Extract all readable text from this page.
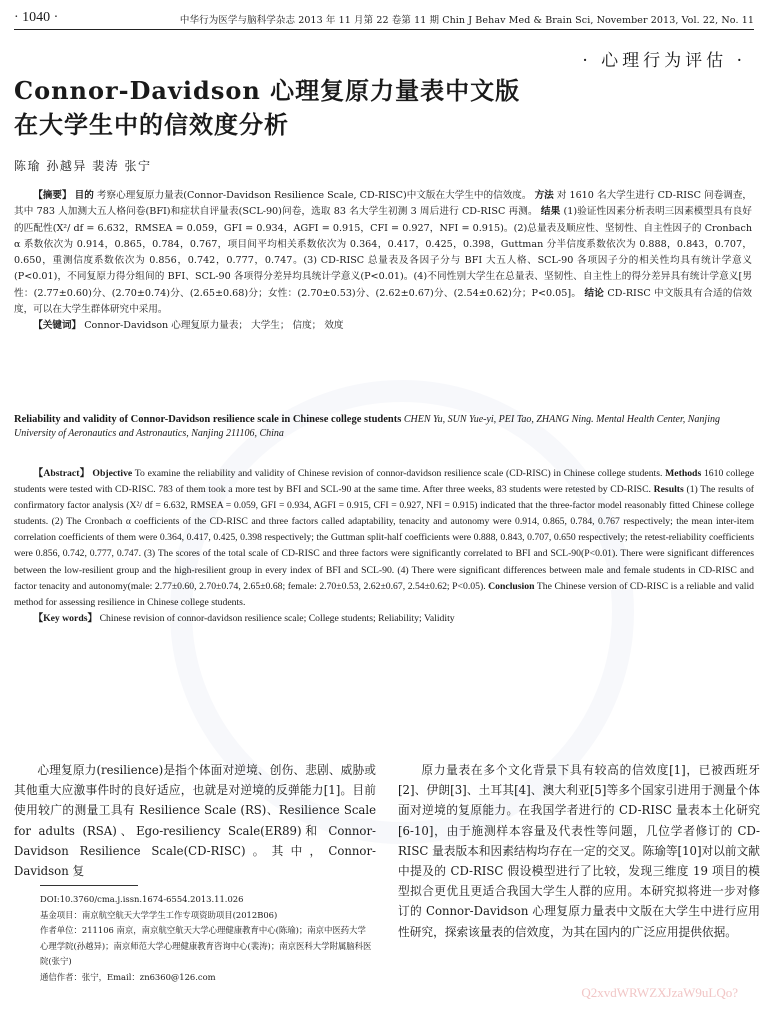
· 1040 ·	中华行为医学与脑科学杂志 2013 年 11 月第 22 卷第 11 期 Chin J Behav Med & Brain Sci, November 2013, Vol. 22, No. 11
· 心理行为评估 ·
Connor-Davidson 心理复原力量表中文版
在大学生中的信效度分析
陈瑜 孙越异 裴涛 张宁

【摘要】 目的 考察心理复原力量表(Connor-Davidson Resilience Scale, CD-RISC)中文版在大学生中的信效度。 方法 对 1610 名大学生进行 CD-RISC 问卷调查，其中 783 人加测大五人格问卷(BFI)和症状自评量表(SCL-90)问卷，选取 83 名大学生初测 3 周后进行 CD-RISC 再测。 结果 (1)验证性因素分析表明三因素模型具有良好的匹配性(X²/ df = 6.632，RMSEA = 0.059，GFI = 0.934，AGFI = 0.915，CFI = 0.927，NFI = 0.915)。(2)总量表及顺应性、坚韧性、自主性因子的 Cronbach α 系数依次为 0.914，0.865，0.784，0.767，项目间平均相关系数依次为 0.364，0.417，0.425，0.398，Guttman 分半信度系数依次为 0.888，0.843，0.707，0.650，重测信度系数依次为 0.856，0.742，0.777，0.747。(3) CD-RISC 总量表及各因子分与 BFI 大五人格、SCL-90 各项因子分的相关性均具有统计学意义(P<0.01)，不同复原力得分组间的 BFI、SCL-90 各项得分差异均具统计学意义(P<0.01)。(4)不同性别大学生在总量表、坚韧性、自主性上的得分差异具有统计学意义[男性：(2.77±0.60)分、(2.70±0.74)分、(2.65±0.68)分；女性：(2.70±0.53)分、(2.62±0.67)分、(2.54±0.62)分；P<0.05]。 结论 CD-RISC 中文版具有合适的信效度，可以在大学生群体研究中采用。

【关键词】 Connor-Davidson 心理复原力量表； 大学生； 信度； 效度

Reliability and validity of Connor-Davidson resilience scale in Chinese college students CHEN Yu, SUN Yue-yi, PEI Tao, ZHANG Ning. Mental Health Center, Nanjing University of Aeronautics and Astronautics, Nanjing 211106, China

【Abstract】 Objective To examine the reliability and validity of Chinese revision of connor-davidson resilience scale (CD-RISC) in Chinese college students. Methods 1610 college students were tested with CD-RISC. 783 of them took a more test by BFI and SCL-90 at the same time. After three weeks, 83 students were retested by CD-RISC. Results (1) The results of confirmatory factor analysis (X²/ df = 6.632, RMSEA = 0.059, GFI = 0.934, AGFI = 0.915, CFI = 0.927, NFI = 0.915) indicated that the three-factor model reasonably fitted Chinese college students. (2) The Cronbach α coefficients of the CD-RISC and three factors called adaptability, tenacity and autonomy were 0.914, 0.865, 0.784, 0.767 respectively; the mean inter-item correlation coefficients of them were 0.364, 0.417, 0.425, 0.398 respectively; the Guttman split-half coefficients were 0.888, 0.843, 0.707, 0.650 respectively; the retest-reliability coefficients were 0.856, 0.742, 0.777, 0.747. (3) The scores of the total scale of CD-RISC and three factors were significantly correlated to BFI and SCL-90(P<0.01). There were significant differences between the low-resilient group and the high-resilient group in every index of BFI and SCL-90. (4) There were significant differences between male and female students in CD-RISC and factor tenacity and autonomy(male: 2.77±0.60, 2.70±0.74, 2.65±0.68; female: 2.70±0.53, 2.62±0.67, 2.54±0.62; P<0.05). Conclusion The Chinese version of CD-RISC is a reliable and valid method for assessing resilience in Chinese college students.

【Key words】 Chinese revision of connor-davidson resilience scale; College students; Reliability; Validity

心理复原力(resilience)是指个体面对逆境、创伤、悲剧、威胁或其他重大应激事件时的良好适应，也就是对逆境的反弹能力[1]。目前使用较广的测量工具有 Resilience Scale (RS)、Resilience Scale for adults (RSA)、Ego-resiliency Scale(ER89)和 Connor-Davidson Resilience Scale(CD-RISC)。其中，Connor-Davidson 复

原力量表在多个文化背景下具有较高的信效度[1]，已被西班牙[2]、伊朗[3]、土耳其[4]、澳大利亚[5]等多个国家引进用于测量个体面对逆境的复原能力。在我国学者进行的 CD-RISC 量表本土化研究[6-10]，由于施测样本容量及代表性等问题，几位学者修订的 CD-RISC 量表版本和因素结构均存在一定的交叉。陈瑜等[10]对以前文献中提及的 CD-RISC 假设模型进行了比较，发现三维度 19 项目的模型拟合更优且更适合我国大学生人群的应用。本研究拟将进一步对修订的 Connor-Davidson 心理复原力量表中文版在大学生中进行应用性研究，探索该量表的信效度，为其在国内的广泛应用提供依据。

DOI:10.3760/cma.j.issn.1674-6554.2013.11.026
基金项目：南京航空航天大学学生工作专项资助项目(2012B06)
作者单位：211106 南京，南京航空航天大学心理健康教育中心(陈瑜)；南京中医药大学心理学院(孙越异)；南京师范大学心理健康教育咨询中心(裴涛)；南京医科大学附属脑科医院(张宁)
通信作者：张宁，Email：zn6360@126.com
Q2xvdWRWZXJzaW9uLQo?
